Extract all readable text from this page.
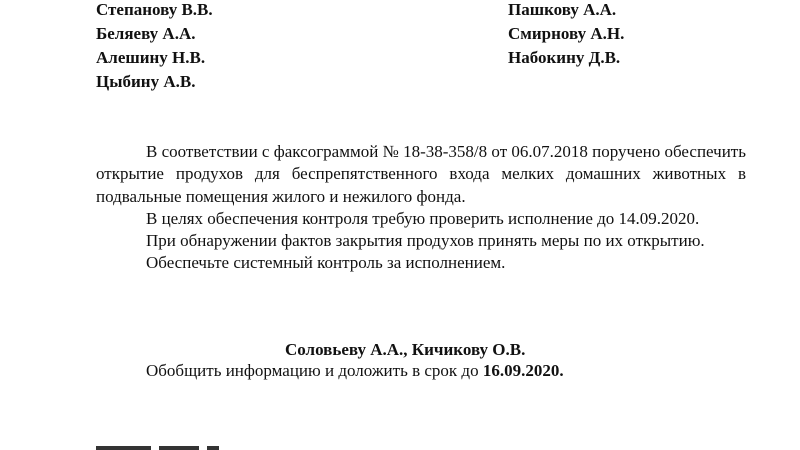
Степанову В.В.
Беляеву А.А.
Алешину Н.В.
Цыбину А.В.
Пашкову А.А.
Смирнову А.Н.
Набокину Д.В.

В соответствии с факсограммой № 18-38-358/8 от 06.07.2018 поручено обеспечить открытие продухов для беспрепятственного входа мелких домашних животных в подвальные помещения жилого и нежилого фонда.

В целях обеспечения контроля требую проверить исполнение до 14.09.2020.

При обнаружении фактов закрытия продухов принять меры по их открытию.

Обеспечьте системный контроль за исполнением.

Соловьеву А.А., Кичикову О.В.
Обобщить информацию и доложить в срок до 16.09.2020.
